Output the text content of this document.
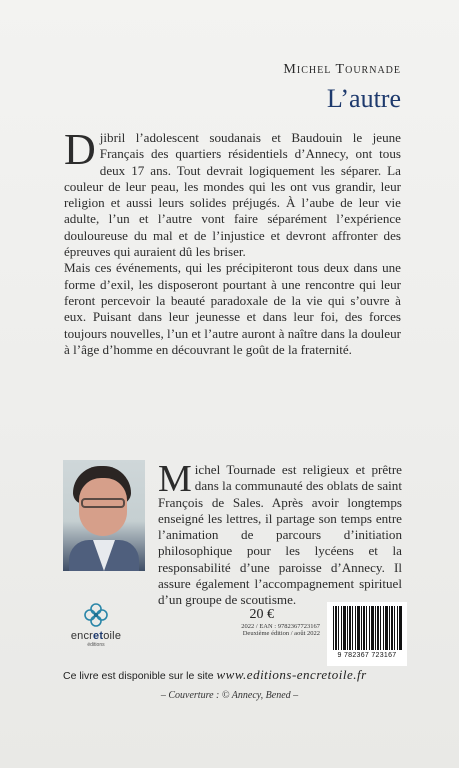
Michel Tournade
L’autre

Djibril l’adolescent soudanais et Baudouin le jeune Français des quartiers résidentiels d’Annecy, ont tous deux 17 ans. Tout devrait logiquement les séparer. La couleur de leur peau, les mondes qui les ont vus grandir, leur religion et aussi leurs solides préjugés. À l’aube de leur vie adulte, l’un et l’autre vont faire séparément l’expérience douloureuse du mal et de l’injustice et devront affronter des épreuves qui auraient dû les briser.

Mais ces événements, qui les précipiteront tous deux dans une forme d’exil, les disposeront pourtant à une rencontre qui leur feront percevoir la beauté paradoxale de la vie qui s’ouvre à eux. Puisant dans leur jeunesse et dans leur foi, des forces toujours nouvelles, l’un et l’autre auront à naître dans la douleur à l’âge d’homme en découvrant le goût de la fraternité.

Michel Tournade est religieux et prêtre dans la communauté des oblats de saint François de Sales. Après avoir longtemps enseigné les lettres, il partage son temps entre l’animation de parcours d’initiation philosophique pour les lycéens et la responsabilité d’une paroisse d’Annecy. Il assure également l’accompagnement spirituel d’un groupe de scoutisme.
encretoile
éditions
20 €
2022 / EAN : 9782367723167
Deuxième édition / août 2022
9 782367 723167
Ce livre est disponible sur le site www.editions-encretoile.fr
– Couverture : © Annecy, Bened –
